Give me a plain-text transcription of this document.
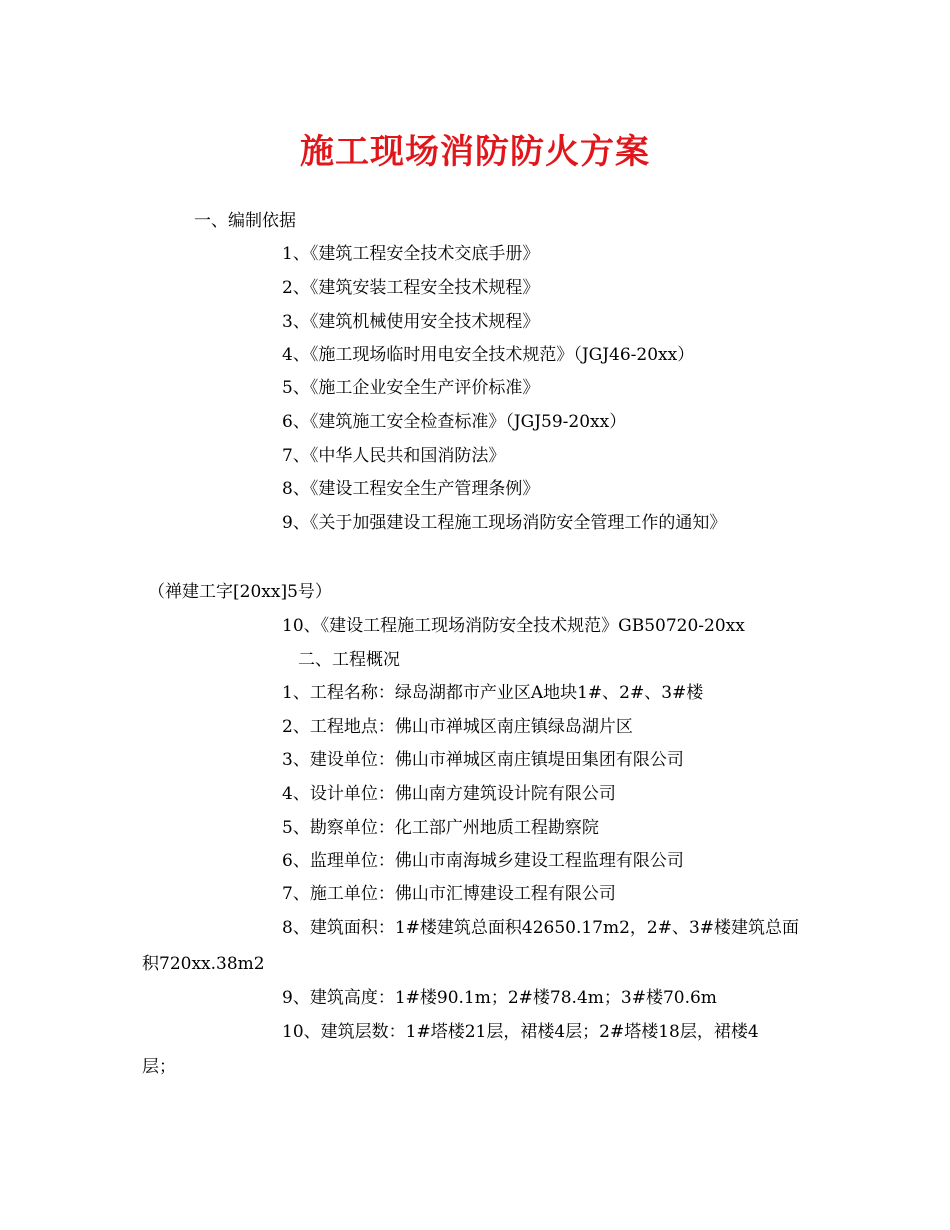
施工现场消防防火方案
一、编制依据
1、《建筑工程安全技术交底手册》
2、《建筑安装工程安全技术规程》
3、《建筑机械使用安全技术规程》
4、《施工现场临时用电安全技术规范》（JGJ46-20xx）
5、《施工企业安全生产评价标准》
6、《建筑施工安全检查标准》（JGJ59-20xx）
7、《中华人民共和国消防法》
8、《建设工程安全生产管理条例》
9、《关于加强建设工程施工现场消防安全管理工作的通知》
（禅建工字[20xx]5号）
10、《建设工程施工现场消防安全技术规范》GB50720-20xx
二、工程概况
1、工程名称：绿岛湖都市产业区A地块1#、2#、3#楼
2、工程地点：佛山市禅城区南庄镇绿岛湖片区
3、建设单位：佛山市禅城区南庄镇堤田集团有限公司
4、设计单位：佛山南方建筑设计院有限公司
5、勘察单位：化工部广州地质工程勘察院
6、监理单位：佛山市南海城乡建设工程监理有限公司
7、施工单位：佛山市汇博建设工程有限公司
8、建筑面积：1#楼建筑总面积42650.17m2，2#、3#楼建筑总面
积720xx.38m2
9、建筑高度：1#楼90.1m；2#楼78.4m；3#楼70.6m
10、建筑层数：1#塔楼21层，裙楼4层；2#塔楼18层，裙楼4
层；
